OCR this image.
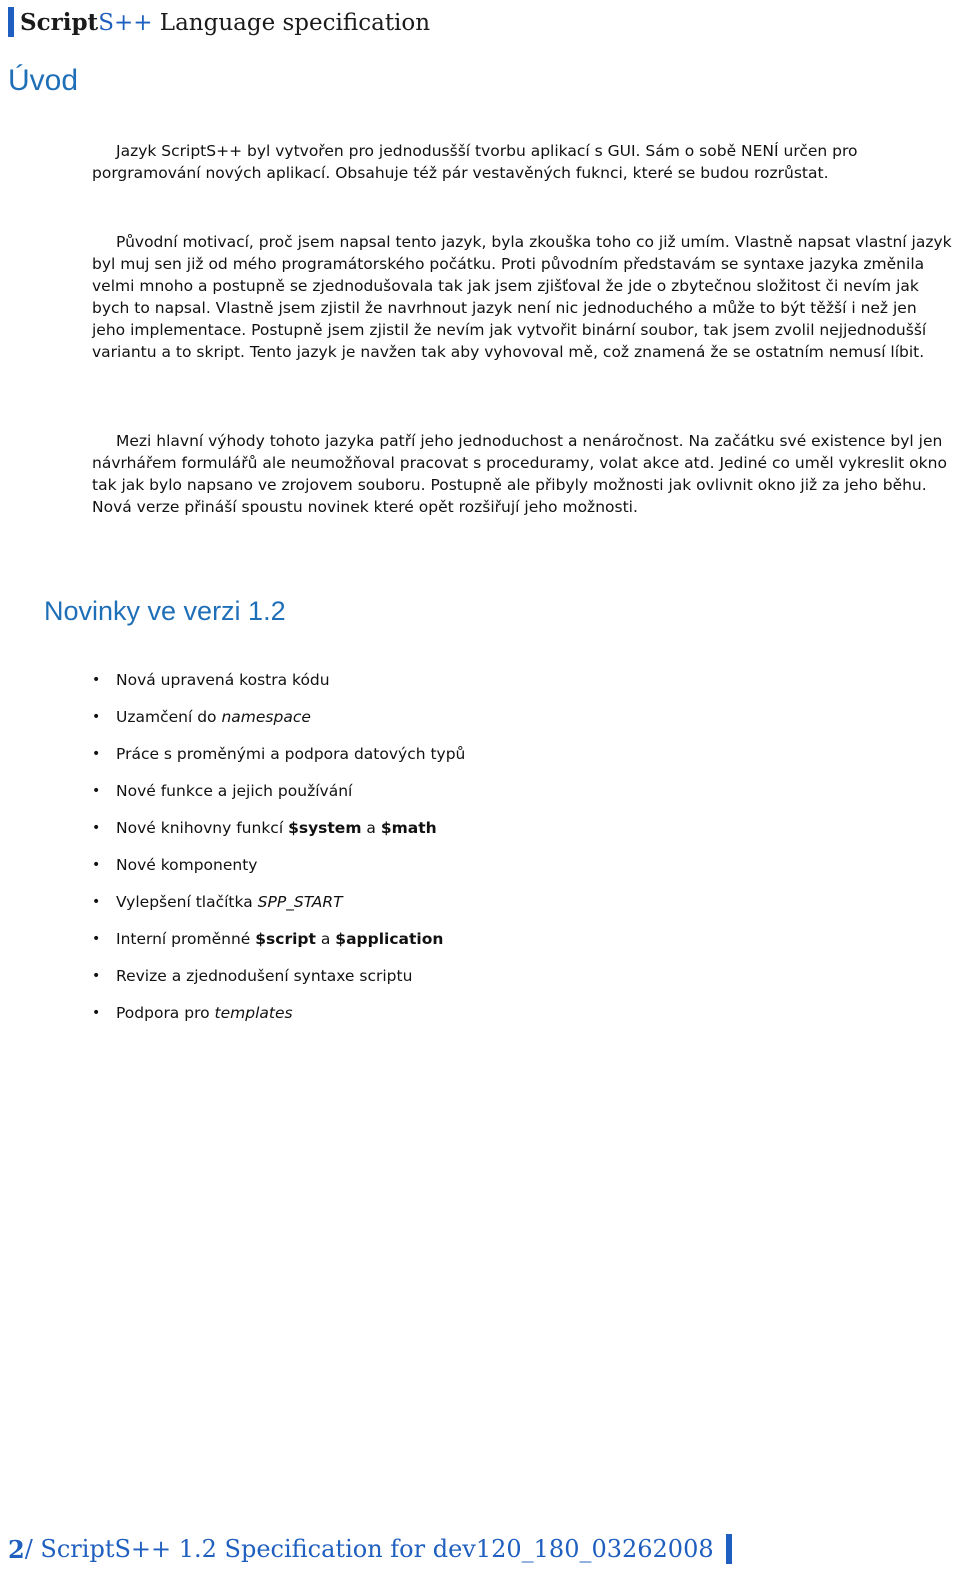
ScriptS++ Language specification
Úvod

Jazyk ScriptS++ byl vytvořen pro jednodusšší tvorbu aplikací s GUI. Sám o sobě NENÍ určen pro porgramování nových aplikací. Obsahuje též pár vestavěných fuknci, které se budou rozrůstat.

Původní motivací, proč jsem napsal tento jazyk, byla zkouška toho co již umím. Vlastně napsat vlastní jazyk byl muj sen již od mého programátorského počátku. Proti původním představám se syntaxe jazyka změnila velmi mnoho a postupně se zjednodušovala tak jak jsem zjišťoval že jde o zbytečnou složitost či nevím jak bych to napsal. Vlastně jsem zjistil že navrhnout jazyk není nic jednoduchého a může to být těžší i než jen jeho implementace. Postupně jsem zjistil že nevím jak vytvořit binární soubor, tak jsem zvolil nejjednodušší variantu a to skript. Tento jazyk je navžen tak aby vyhovoval mě, což znamená že se ostatním nemusí líbit.

Mezi hlavní výhody tohoto jazyka patří jeho jednoduchost a nenáročnost. Na začátku své existence byl jen návrhářem formulářů ale neumožňoval pracovat s proceduramy, volat akce atd. Jediné co uměl vykreslit okno tak jak bylo napsano ve zrojovem souboru. Postupně ale přibyly možnosti jak ovlivnit okno již za jeho běhu. Nová verze přináší spoustu novinek které opět rozšiřují jeho možnosti.

Novinky ve verzi 1.2
•	Nová upravená kostra kódu
•	Uzamčení do namespace
•	Práce s proměnými a podpora datových typů
•	Nové funkce a jejich používání
•	Nové knihovny funkcí $system a $math
•	Nové komponenty
•	Vylepšení tlačítka SPP_START
•	Interní proměnné $script a $application
•	Revize a zjednodušení syntaxe scriptu
•	Podpora pro templates
2 / ScriptS++ 1.2 Specification for dev120_180_03262008
